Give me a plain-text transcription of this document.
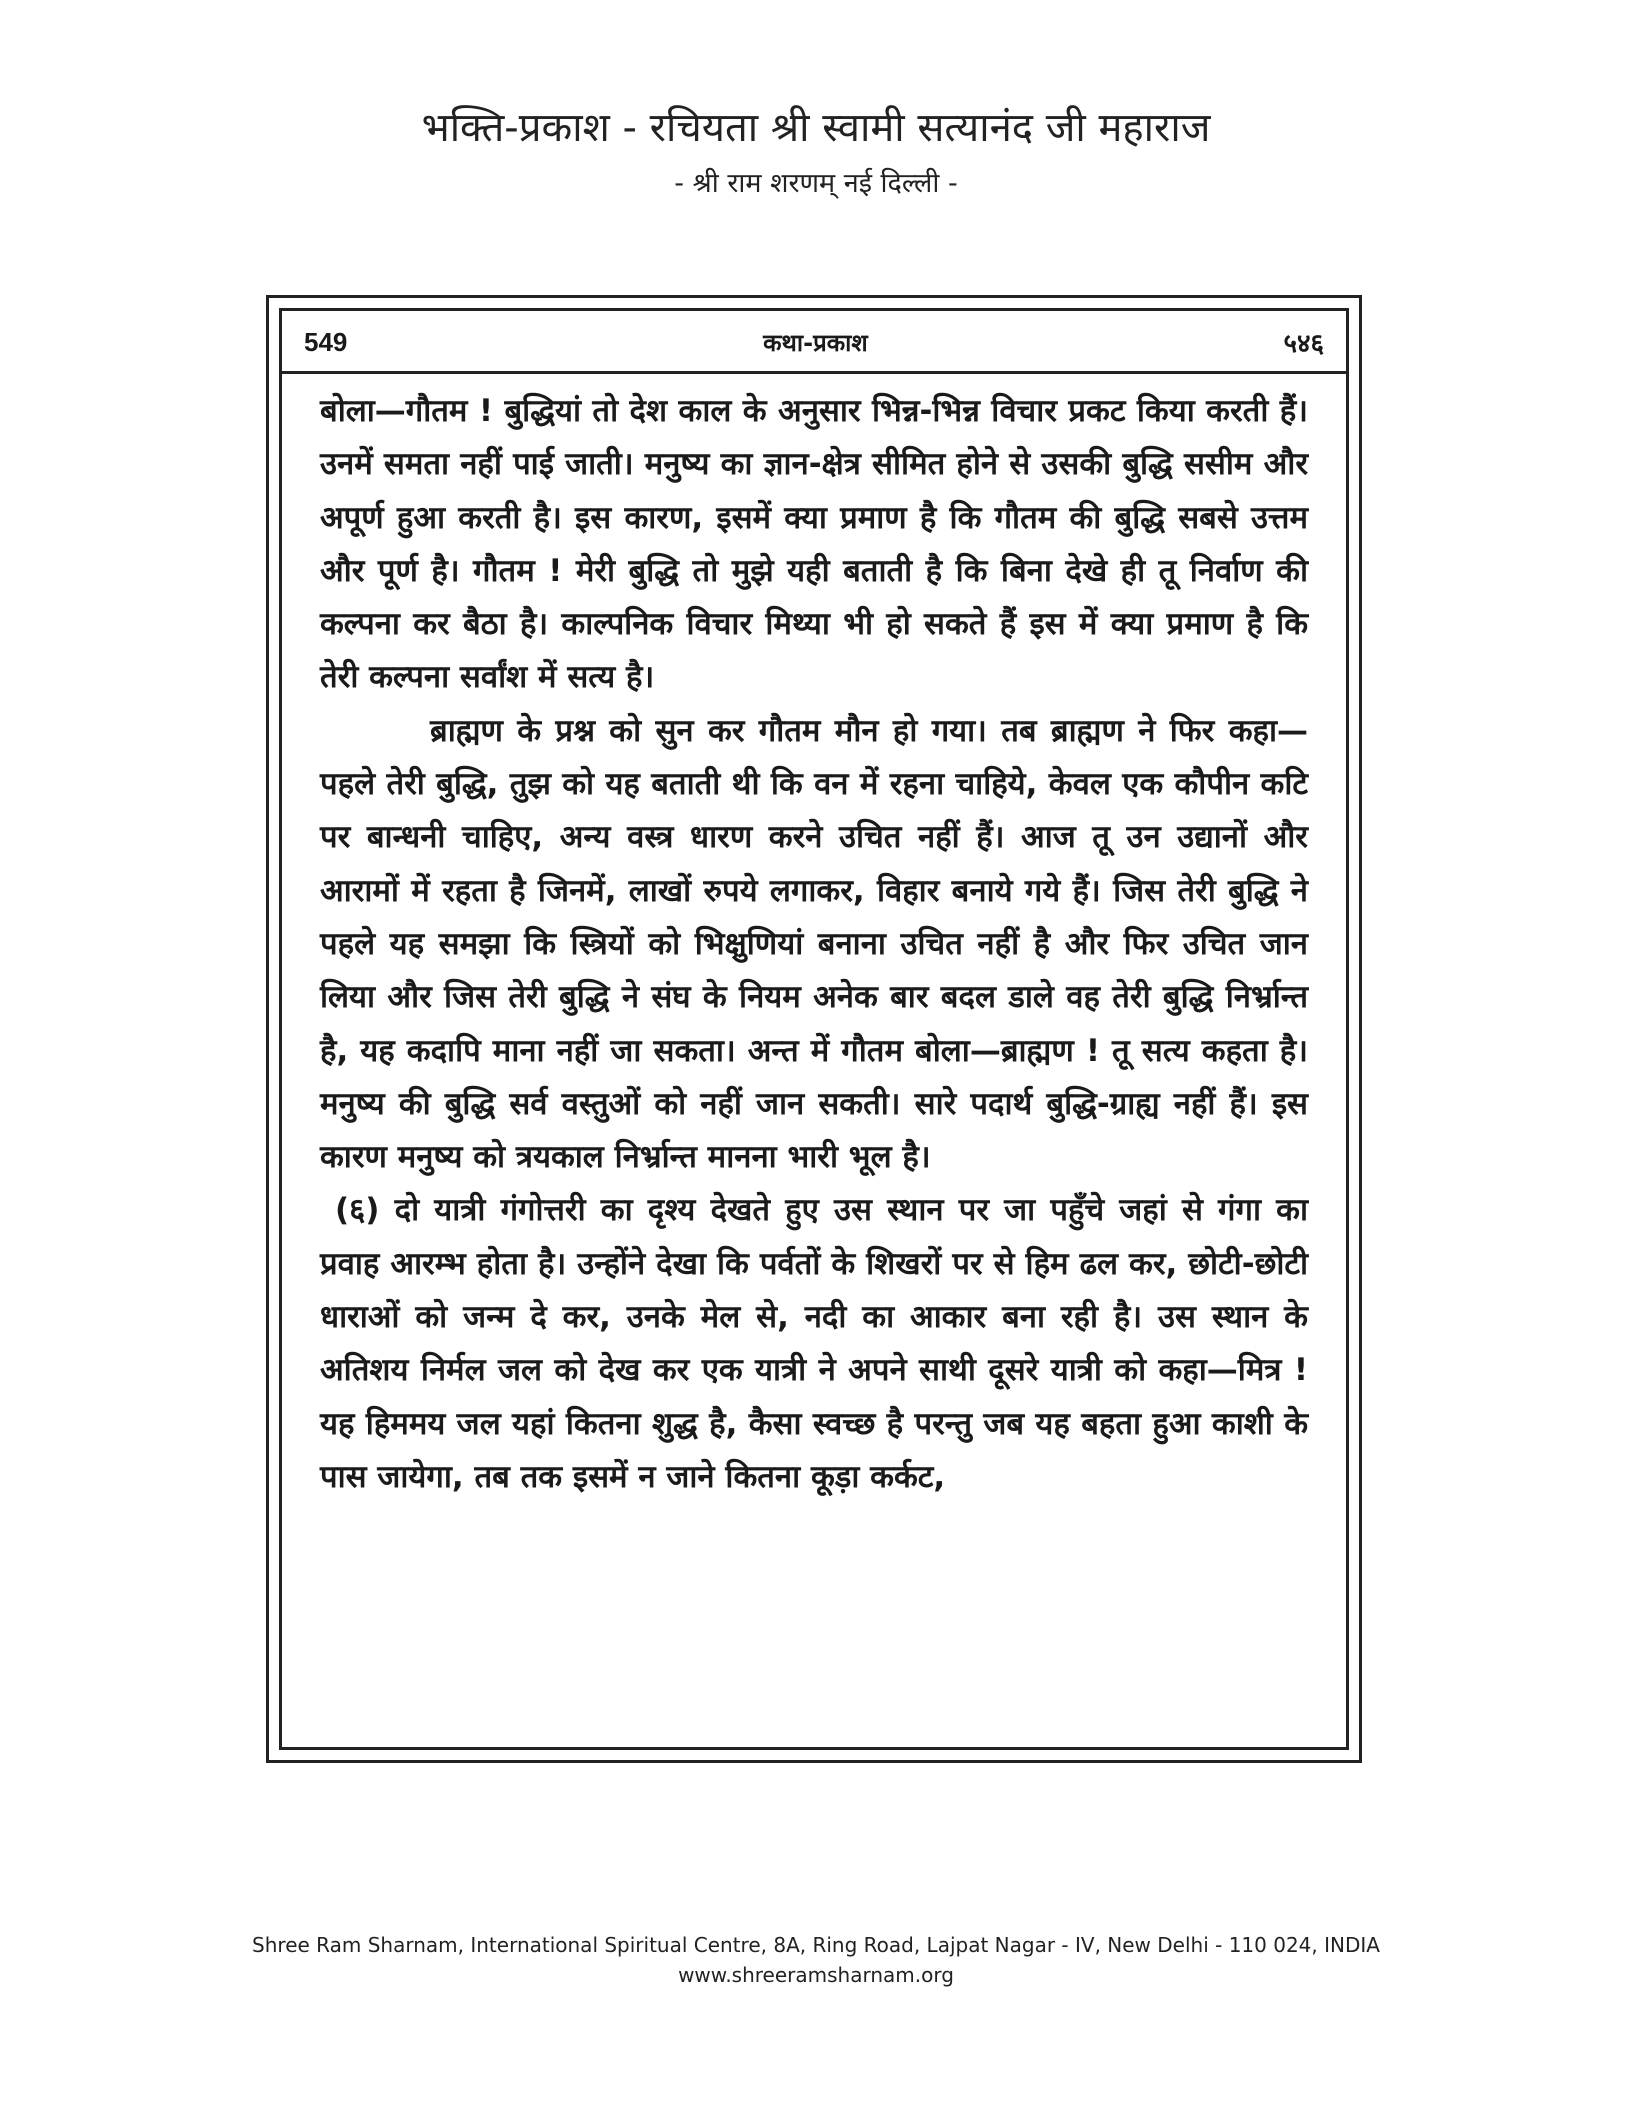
भक्ति-प्रकाश - रचियता श्री स्वामी सत्यानंद जी महाराज
- श्री राम शरणम् नई दिल्ली -
549	कथा-प्रकाश	५४६

बोला—गौतम ! बुद्धियां तो देश काल के अनुसार भिन्न-भिन्न विचार प्रकट किया करती हैं। उनमें समता नहीं पाई जाती। मनुष्य का ज्ञान-क्षेत्र सीमित होने से उसकी बुद्धि ससीम और अपूर्ण हुआ करती है। इस कारण, इसमें क्या प्रमाण है कि गौतम की बुद्धि सबसे उत्तम और पूर्ण है। गौतम ! मेरी बुद्धि तो मुझे यही बताती है कि बिना देखे ही तू निर्वाण की कल्पना कर बैठा है। काल्पनिक विचार मिथ्या भी हो सकते हैं इस में क्या प्रमाण है कि तेरी कल्पना सर्वांश में सत्य है।

ब्राह्मण के प्रश्न को सुन कर गौतम मौन हो गया। तब ब्राह्मण ने फिर कहा—पहले तेरी बुद्धि, तुझ को यह बताती थी कि वन में रहना चाहिये, केवल एक कौपीन कटि पर बान्धनी चाहिए, अन्य वस्त्र धारण करने उचित नहीं हैं। आज तू उन उद्यानों और आरामों में रहता है जिनमें, लाखों रुपये लगाकर, विहार बनाये गये हैं। जिस तेरी बुद्धि ने पहले यह समझा कि स्त्रियों को भिक्षुणियां बनाना उचित नहीं है और फिर उचित जान लिया और जिस तेरी बुद्धि ने संघ के नियम अनेक बार बदल डाले वह तेरी बुद्धि निर्भ्रान्त है, यह कदापि माना नहीं जा सकता। अन्त में गौतम बोला—ब्राह्मण ! तू सत्य कहता है। मनुष्य की बुद्धि सर्व वस्तुओं को नहीं जान सकती। सारे पदार्थ बुद्धि-ग्राह्य नहीं हैं। इस कारण मनुष्य को त्रयकाल निर्भ्रान्त मानना भारी भूल है।

(६) दो यात्री गंगोत्तरी का दृश्य देखते हुए उस स्थान पर जा पहुँचे जहां से गंगा का प्रवाह आरम्भ होता है। उन्होंने देखा कि पर्वतों के शिखरों पर से हिम ढल कर, छोटी-छोटी धाराओं को जन्म दे कर, उनके मेल से, नदी का आकार बना रही है। उस स्थान के अतिशय निर्मल जल को देख कर एक यात्री ने अपने साथी दूसरे यात्री को कहा—मित्र ! यह हिममय जल यहां कितना शुद्ध है, कैसा स्वच्छ है परन्तु जब यह बहता हुआ काशी के पास जायेगा, तब तक इसमें न जाने कितना कूड़ा कर्कट,

Shree Ram Sharnam, International Spiritual Centre, 8A, Ring Road, Lajpat Nagar - IV, New Delhi - 110 024, INDIA
www.shreeramsharnam.org
